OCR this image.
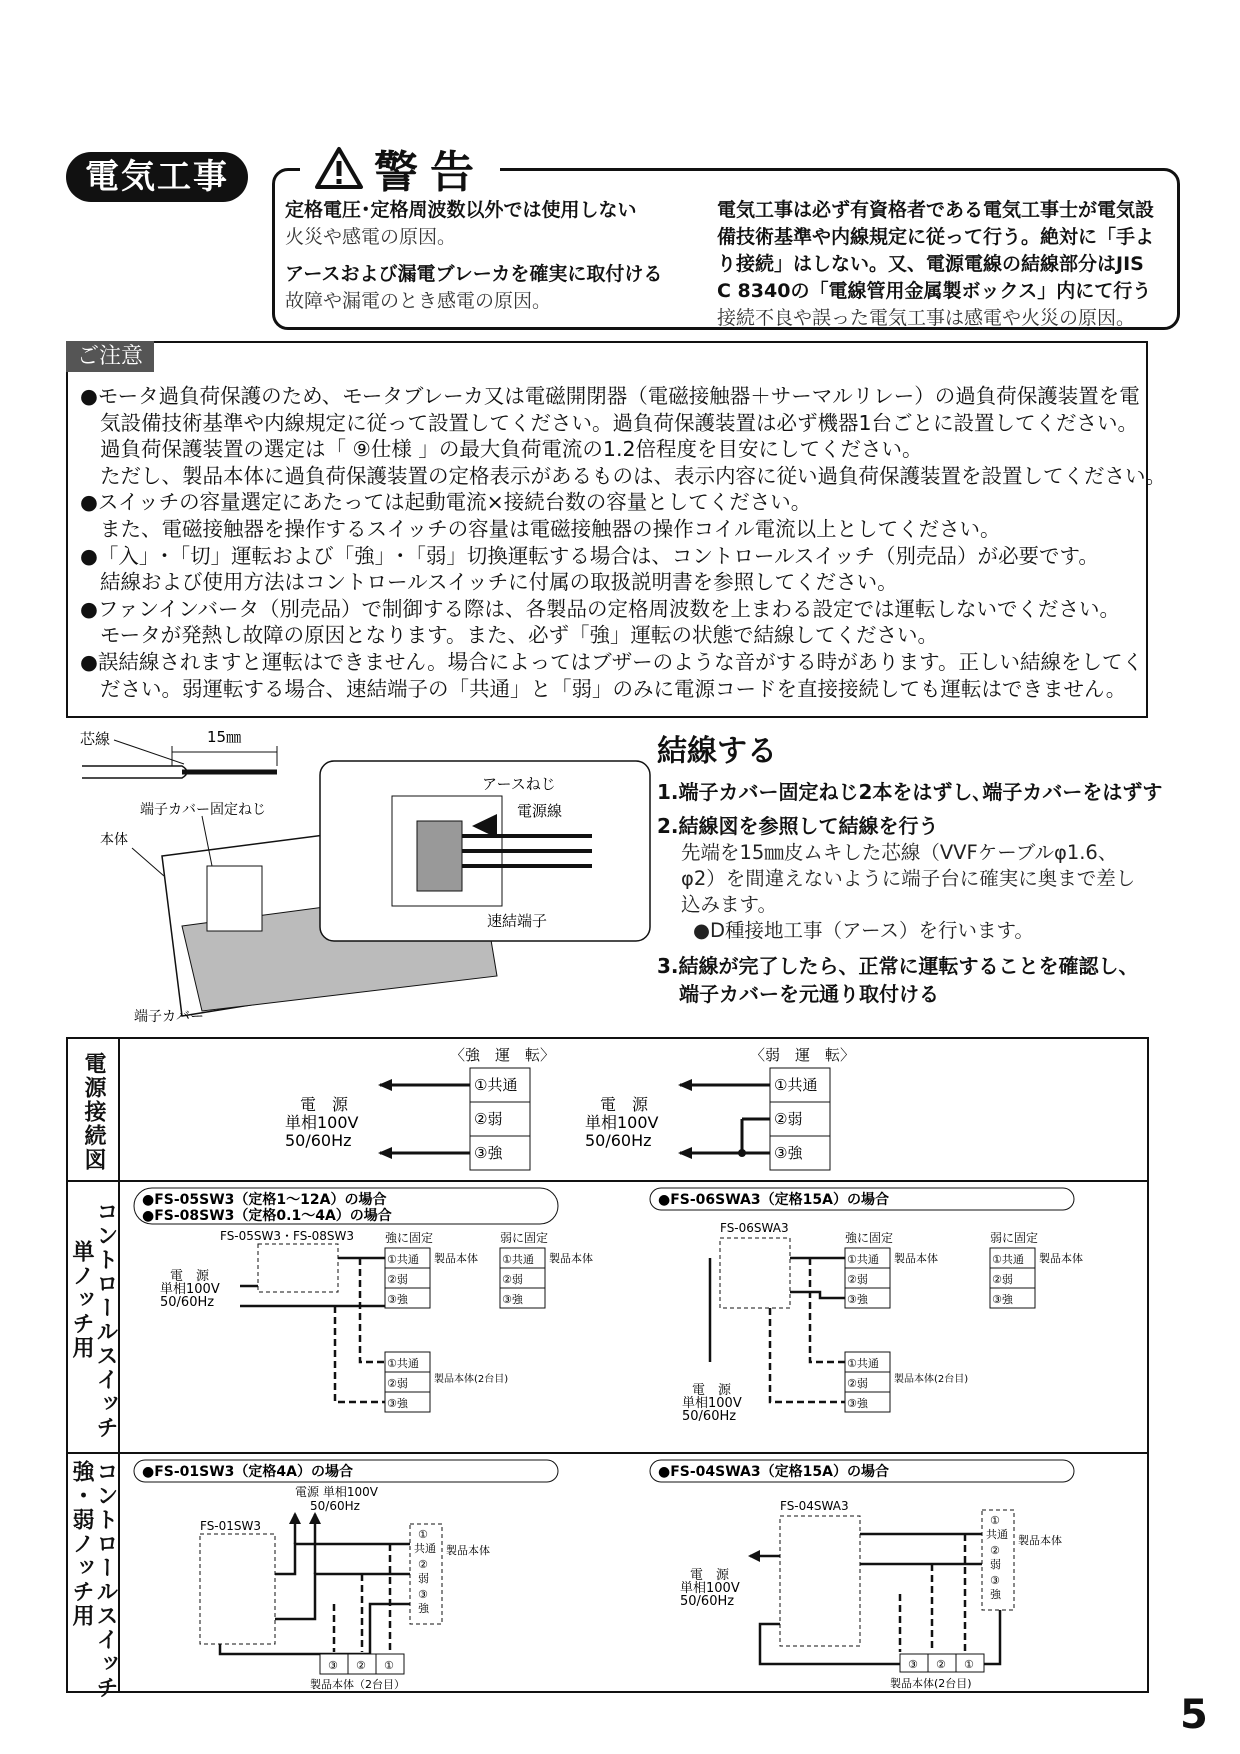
電気工事	警告
定格電圧･定格周波数以外では使用しない
火災や感電の原因。
アースおよび漏電ブレーカを確実に取付ける
故障や漏電のとき感電の原因。
電気工事は必ず有資格者である電気工事士が電気設
備技術基準や内線規定に従って行う。絶対に「手よ
り接続」はしない。又、電源電線の結線部分はJIS
C 8340の「電線管用金属製ボックス」内にて行う
接続不良や誤った電気工事は感電や火災の原因。
ご注意

●モータ過負荷保護のため、モータブレーカ又は電磁開閉器（電磁接触器＋サーマルリレー）の過負荷保護装置を電

気設備技術基準や内線規定に従って設置してください。過負荷保護装置は必ず機器1台ごとに設置してください。

過負荷保護装置の選定は「 ⑨仕様 」の最大負荷電流の1.2倍程度を目安にしてください。

ただし、製品本体に過負荷保護装置の定格表示があるものは、表示内容に従い過負荷保護装置を設置してください。

●スイッチの容量選定にあたっては起動電流×接続台数の容量としてください。

また、電磁接触器を操作するスイッチの容量は電磁接触器の操作コイル電流以上としてください。

●「入」･「切」運転および「強」･「弱」切換運転する場合は、コントロールスイッチ（別売品）が必要です。

結線および使用方法はコントロールスイッチに付属の取扱説明書を参照してください。

●ファンインバータ（別売品）で制御する際は、各製品の定格周波数を上まわる設定では運転しないでください。

モータが発熱し故障の原因となります。また、必ず「強」運転の状態で結線してください。

●誤結線されますと運転はできません。場合によってはブザーのような音がする時があります。正しい結線をしてく

ださい。弱運転する場合、速結端子の「共通」と「弱」のみに電源コードを直接接続しても運転はできません。

芯線	15㎜
端子カバー固定ねじ
本体
端子カバー
アースねじ
電源線
速結端子
結線する
1.端子カバー固定ねじ2本をはずし､端子カバーをはずす
2.結線図を参照して結線を行う
先端を15㎜皮ムキした芯線（VVFケーブルφ1.6、
φ2）を間違えないように端子台に確実に奥まで差し
込みます。
●D種接地工事（アース）を行います。
3.結線が完了したら、正常に運転することを確認し、
端子カバーを元通り取付ける
電源接続図
コントロールスイッチ
単ノッチ用
コントロールスイッチ
強・弱ノッチ用
〈強　運　転〉
①共通
②弱
③強
電　源
単相100V
50/60Hz
〈弱　運　転〉
①共通
②弱
③強
電　源
単相100V
50/60Hz
●FS-05SW3（定格1～12A）の場合
●FS-08SW3（定格0.1～4A）の場合
FS-05SW3・FS-08SW3
電　源
単相100V
50/60Hz
強に固定
①共通
②弱
③強
製品本体
弱に固定
①共通
②弱
③強
製品本体
①共通
②弱
③強
製品本体(2台目)
●FS-06SWA3（定格15A）の場合
FS-06SWA3
強に固定
①共通
②弱
③強
製品本体
弱に固定
①共通
②弱
③強
製品本体
①共通
②弱
③強
製品本体(2台目)
電　源
単相100V
50/60Hz
●FS-01SW3（定格4A）の場合
電源 単相100V
50/60Hz
FS-01SW3
①
共通
②
弱
③
強
製品本体
③ ② ①
製品本体（2台目）
●FS-04SWA3（定格15A）の場合
FS-04SWA3
電　源
単相100V
50/60Hz
①
共通
②
弱
③
強
製品本体
③ ② ①
製品本体(2台目)
5
